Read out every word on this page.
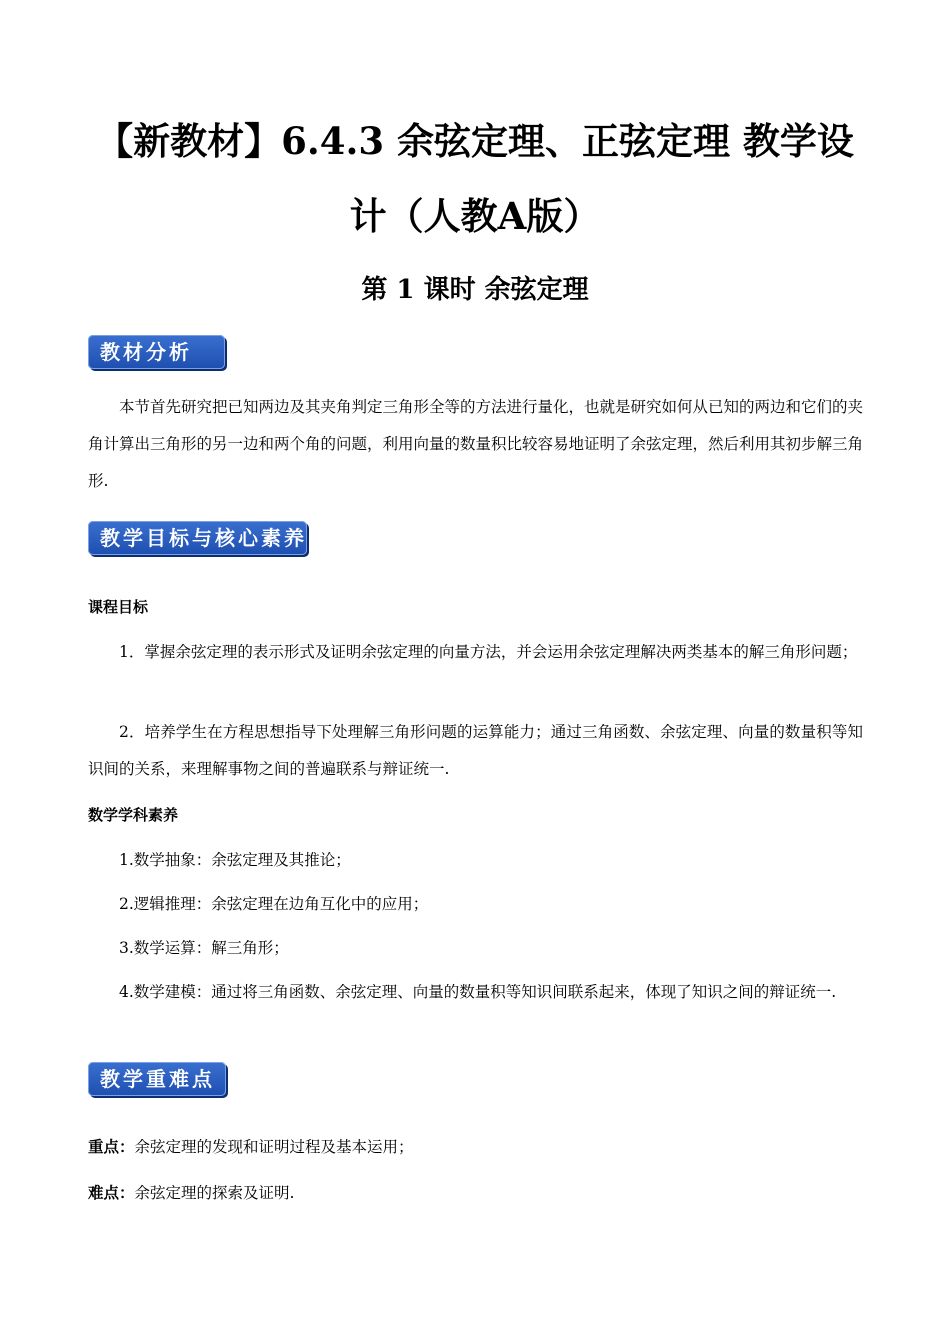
【新教材】6.4.3 余弦定理、正弦定理 教学设
计（人教A版）
第 1 课时 余弦定理
教材分析

本节首先研究把已知两边及其夹角判定三角形全等的方法进行量化，也就是研究如何从已知的两边和它们的夹角计算出三角形的另一边和两个角的问题，利用向量的数量积比较容易地证明了余弦定理，然后利用其初步解三角形.

教学目标与核心素养

课程目标

1．掌握余弦定理的表示形式及证明余弦定理的向量方法，并会运用余弦定理解决两类基本的解三角形问题；

2．培养学生在方程思想指导下处理解三角形问题的运算能力；通过三角函数、余弦定理、向量的数量积等知识间的关系，来理解事物之间的普遍联系与辩证统一.

数学学科素养

1.数学抽象：余弦定理及其推论；

2.逻辑推理：余弦定理在边角互化中的应用；

3.数学运算：解三角形；

4.数学建模：通过将三角函数、余弦定理、向量的数量积等知识间联系起来，体现了知识之间的辩证统一.

教学重难点

重点：余弦定理的发现和证明过程及基本运用；

难点：余弦定理的探索及证明.
